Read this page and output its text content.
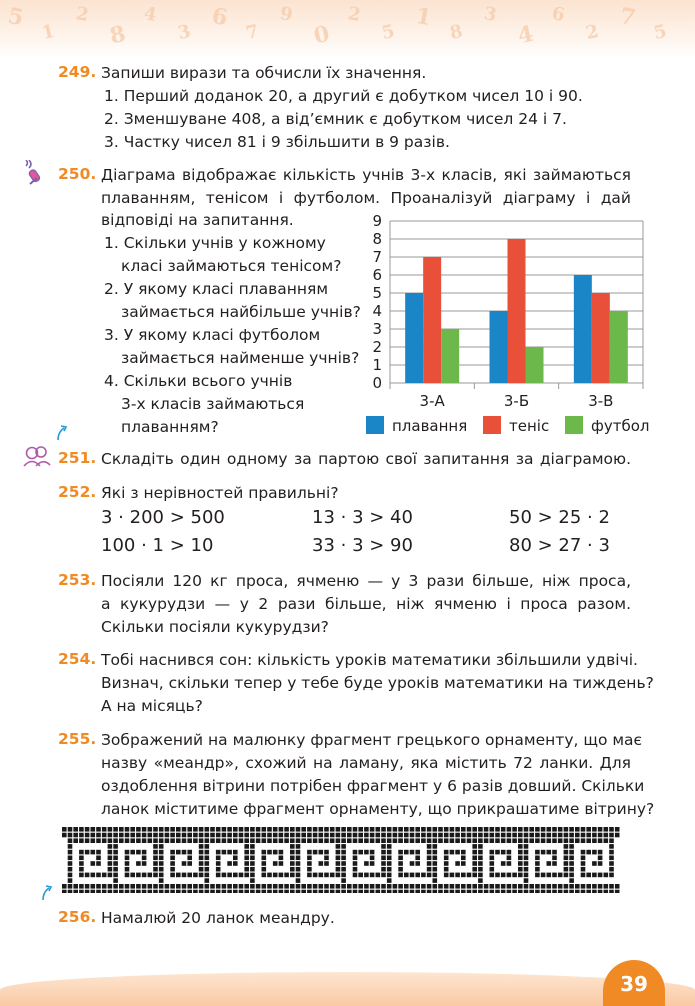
5
1
2
8
4
3
6
7
9
0
2
5
1
8
3
4
6
2
7
5
249. Запиши вирази та обчисли їх значення.
1. Перший доданок 20, а другий є добутком чисел 10 і 90.
2. Зменшуване 408, а від’ємник є добутком чисел 24 і 7.
3. Частку чисел 81 і 9 збільшити в 9 разів.
250. Діаграма відображає кількість учнів 3-х класів, які займаються
плаванням, тенісом і футболом. Проаналізуй діаграму і дай
відповіді на запитання.
1. Скільки учнів у кожному
класі займаються тенісом?
2. У якому класі плаванням
займається найбільше учнів?
3. У якому класі футболом
займається найменше учнів?
4. Скільки всього учнів
3-х класів займаються
плаванням?
0
1
2
3
4
5
6
7
8
9
3-А	3-Б	3-В
плавання	теніс	футбол
251. Складіть один одному за партою свої запитання за діаграмою.
252. Які з нерівностей правильні?
3 · 200 > 500	13 · 3 > 40	50 > 25 · 2
100 · 1 > 10	33 · 3 > 90	80 > 27 · 3
253. Посіяли 120 кг проса, ячменю — у 3 рази більше, ніж проса,
а кукурудзи — у 2 рази більше, ніж ячменю і проса разом.
Скільки посіяли кукурудзи?
254. Тобі наснився сон: кількість уроків математики збільшили удвічі.
Визнач, скільки тепер у тебе буде уроків математики на тиждень?
А на місяць?
255. Зображений на малюнку фрагмент грецького орнаменту, що має
назву «меандр», схожий на ламану, яка містить 72 ланки. Для
оздоблення вітрини потрібен фрагмент у 6 разів довший. Скільки
ланок міститиме фрагмент орнаменту, що прикрашатиме вітрину?
256. Намалюй 20 ланок меандру.
39
